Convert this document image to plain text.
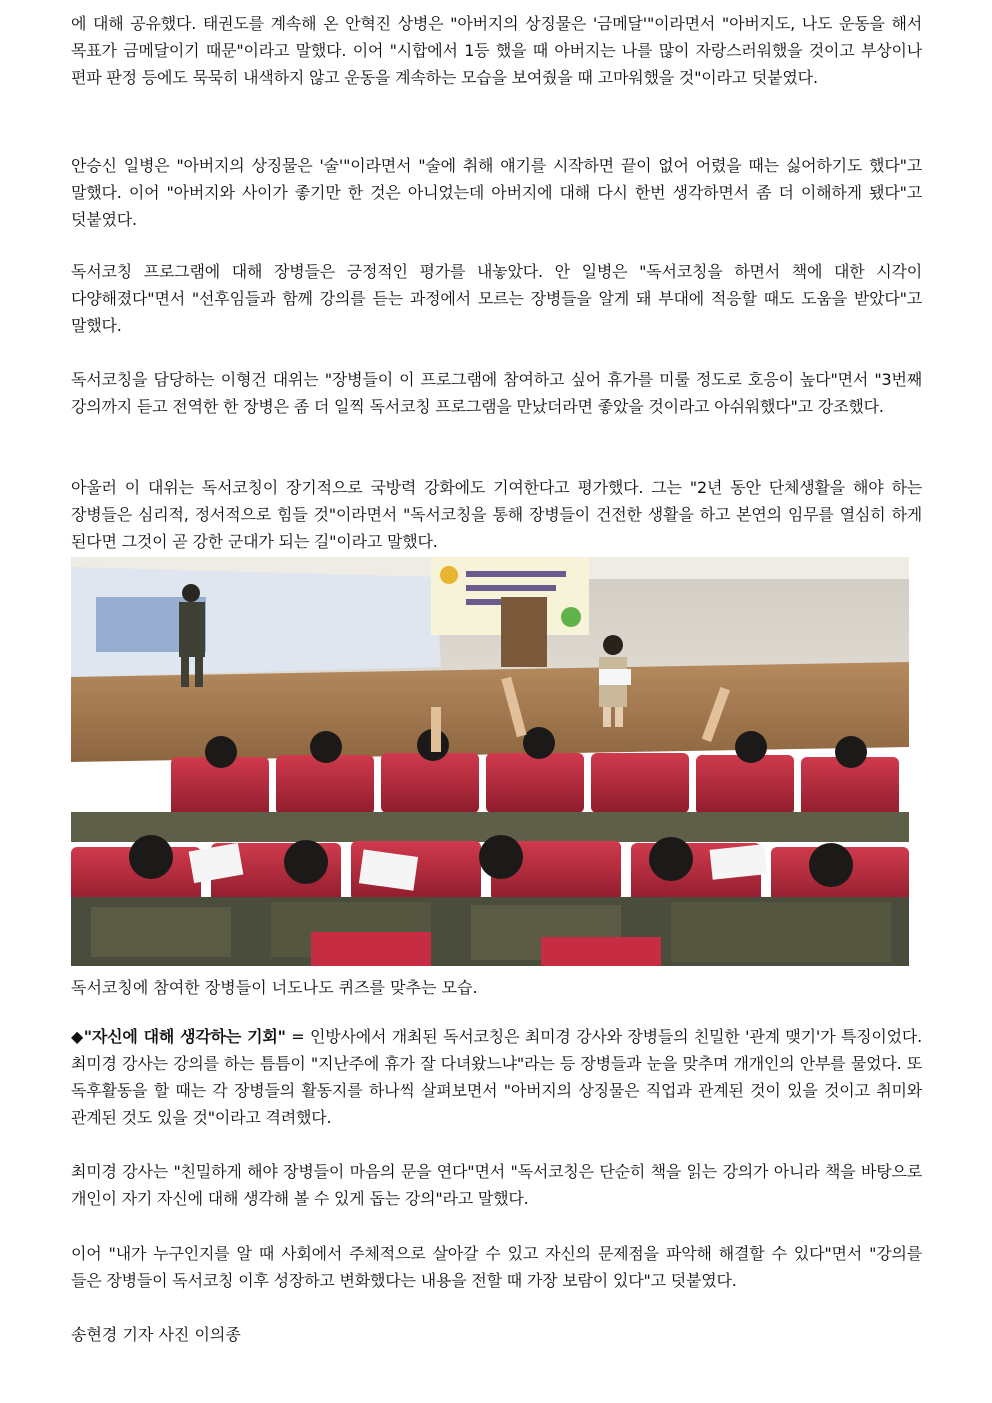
에 대해 공유했다. 태권도를 계속해 온 안혁진 상병은 "아버지의 상징물은 '금메달'"이라면서 "아버지도, 나도 운동을 해서 목표가 금메달이기 때문"이라고 말했다. 이어 "시합에서 1등 했을 때 아버지는 나를 많이 자랑스러워했을 것이고 부상이나 편파 판정 등에도 묵묵히 내색하지 않고 운동을 계속하는 모습을 보여줬을 때 고마워했을 것"이라고 덧붙였다.

안승신 일병은 "아버지의 상징물은 '술'"이라면서 "술에 취해 얘기를 시작하면 끝이 없어 어렸을 때는 싫어하기도 했다"고 말했다. 이어 "아버지와 사이가 좋기만 한 것은 아니었는데 아버지에 대해 다시 한번 생각하면서 좀 더 이해하게 됐다"고 덧붙였다.

독서코칭 프로그램에 대해 장병들은 긍정적인 평가를 내놓았다. 안 일병은 "독서코칭을 하면서 책에 대한 시각이 다양해졌다"면서 "선후임들과 함께 강의를 듣는 과정에서 모르는 장병들을 알게 돼 부대에 적응할 때도 도움을 받았다"고 말했다.

독서코칭을 담당하는 이형건 대위는 "장병들이 이 프로그램에 참여하고 싶어 휴가를 미룰 정도로 호응이 높다"면서 "3번째 강의까지 듣고 전역한 한 장병은 좀 더 일찍 독서코칭 프로그램을 만났더라면 좋았을 것이라고 아쉬워했다"고 강조했다.

아울러 이 대위는 독서코칭이 장기적으로 국방력 강화에도 기여한다고 평가했다. 그는 "2년 동안 단체생활을 해야 하는 장병들은 심리적, 정서적으로 힘들 것"이라면서 "독서코칭을 통해 장병들이 건전한 생활을 하고 본연의 임무를 열심히 하게 된다면 그것이 곧 강한 군대가 되는 길"이라고 말했다.

독서코칭에 참여한 장병들이 너도나도 퀴즈를 맞추는 모습.

◆"자신에 대해 생각하는 기회" = 인방사에서 개최된 독서코칭은 최미경 강사와 장병들의 친밀한 '관계 맺기'가 특징이었다. 최미경 강사는 강의를 하는 틈틈이 "지난주에 휴가 잘 다녀왔느냐"라는 등 장병들과 눈을 맞추며 개개인의 안부를 물었다. 또 독후활동을 할 때는 각 장병들의 활동지를 하나씩 살펴보면서 "아버지의 상징물은 직업과 관계된 것이 있을 것이고 취미와 관계된 것도 있을 것"이라고 격려했다.

최미경 강사는 "친밀하게 해야 장병들이 마음의 문을 연다"면서 "독서코칭은 단순히 책을 읽는 강의가 아니라 책을 바탕으로 개인이 자기 자신에 대해 생각해 볼 수 있게 돕는 강의"라고 말했다.

이어 "내가 누구인지를 알 때 사회에서 주체적으로 살아갈 수 있고 자신의 문제점을 파악해 해결할 수 있다"면서 "강의를 들은 장병들이 독서코칭 이후 성장하고 변화했다는 내용을 전할 때 가장 보람이 있다"고 덧붙였다.

송현경 기자 사진 이의종
